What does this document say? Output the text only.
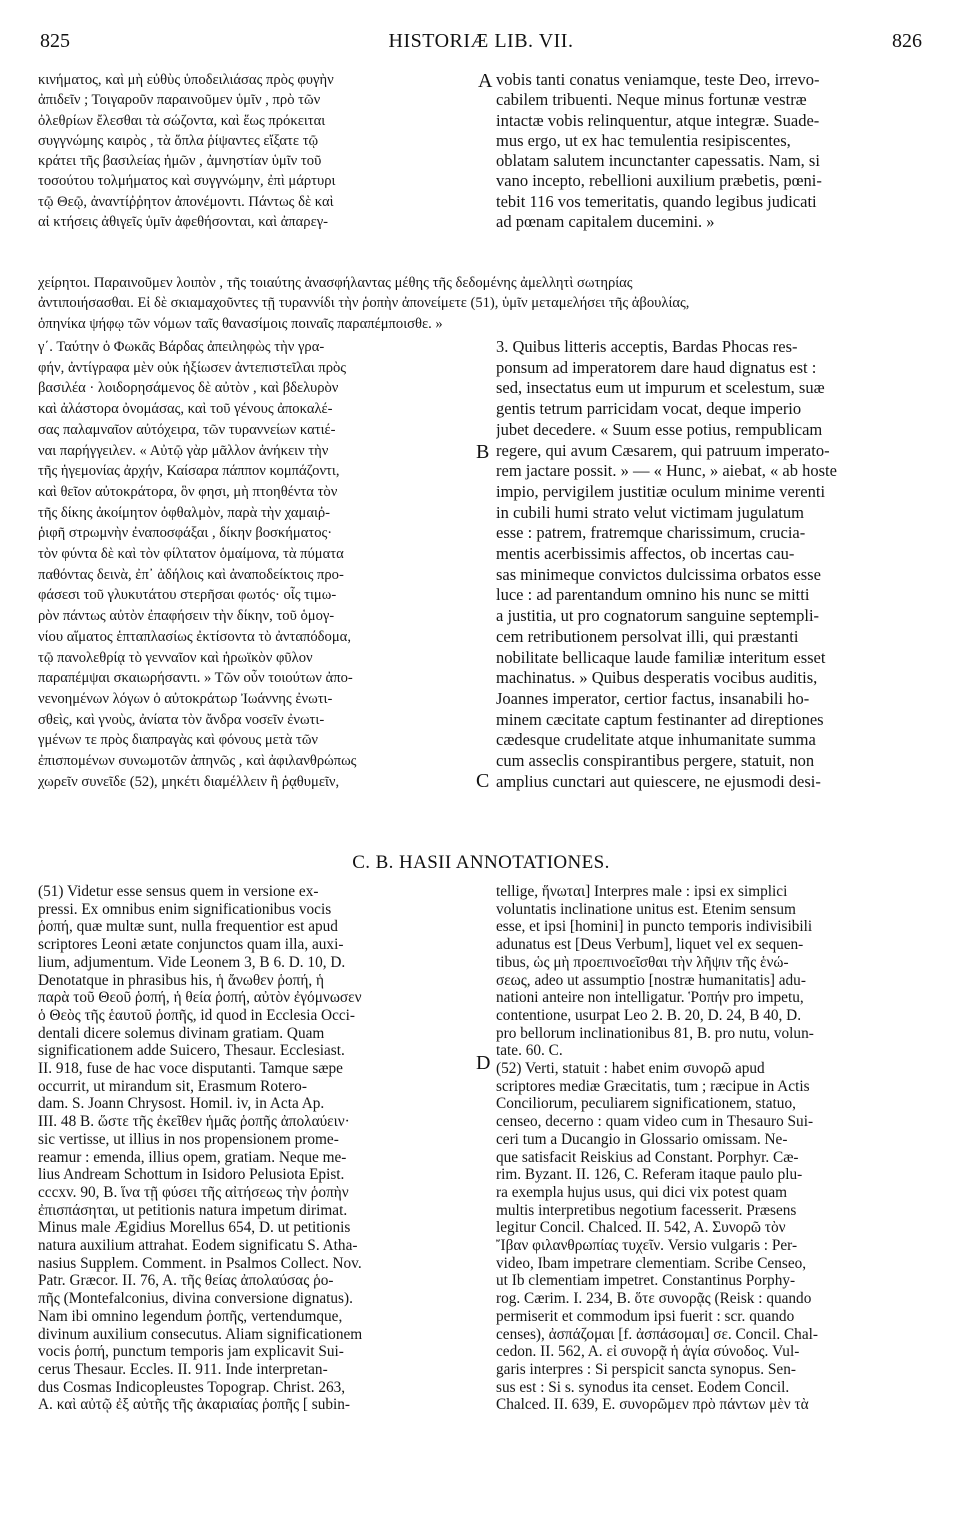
825	HISTORIÆ LIB. VII.	826
κινήματος, καὶ μὴ εὐθὺς ὑποδειλιάσας πρὸς φυγὴν
ἀπιδεῖν ; Τοιγαροῦν παραινοῦμεν ὑμῖν , πρὸ τῶν
ὀλεθρίων ἔλεσθαι τὰ σώζοντα, καὶ ἕως πρόκειται
συγγνώμης καιρὸς , τὰ ὅπλα ῥίψαντες εἴξατε τῷ
κράτει τῆς βασιλείας ἡμῶν , ἀμνηστίαν ὑμῖν τοῦ
τοσούτου τολμήματος καὶ συγγνώμην, ἐπὶ μάρτυρι
τῷ Θεῷ, ἀναντίῤῥητον ἀπονέμοντι. Πάντως δὲ καὶ
αἱ κτήσεις ἀθιγεῖς ὑμῖν ἀφεθήσονται, καὶ ἀπαρεγ-
vobis tanti conatus veniamque, teste Deo, irrevo-
cabilem tribuenti. Neque minus fortunæ vestræ
intactæ vobis relinquentur, atque integræ. Suade-
mus ergo, ut ex hac temulentia resipiscentes,
oblatam salutem incunctanter capessatis. Nam, si
vano incepto, rebellioni auxilium præbetis, pœni-
tebit 116 vos temeritatis, quando legibus judicati
ad pœnam capitalem ducemini. »
χείρητοι. Παραινοῦμεν λοιπὸν , τῆς τοιαύτης ἀνασφήλαντας μέθης τῆς δεδομένης ἀμελλητὶ σωτηρίας
ἀντιποιήσασθαι. Εἰ δὲ σκιαμαχοῦντες τῇ τυραννίδι τὴν ῥοπὴν ἀπονείμετε (51), ὑμῖν μεταμελήσει τῆς ἀβουλίας,
ὁπηνίκα ψήφῳ τῶν νόμων ταῖς θανασίμοις ποιναῖς παραπέμποισθε. »
γ΄. Ταύτην ὁ Φωκᾶς Βάρδας ἀπειληφὼς τὴν γρα-
φήν, ἀντίγραφα μὲν οὐκ ἠξίωσεν ἀντεπιστεῖλαι πρὸς
βασιλέα · λοιδορησάμενος δὲ αὐτὸν , καὶ βδελυρὸν
καὶ ἀλάστορα ὀνομάσας, καὶ τοῦ γένους ἀποκαλέ-
σας παλαμναῖον αὐτόχειρα, τῶν τυραννείων κατιέ-
ναι παρήγγειλεν. « Αὐτῷ γὰρ μᾶλλον ἀνήκειν τὴν
τῆς ἡγεμονίας ἀρχήν, Καίσαρα πάππον κομπάζοντι,
καὶ θεῖον αὐτοκράτορα, ὃν φησι, μὴ πτοηθέντα τὸν
τῆς δίκης ἀκοίμητον ὀφθαλμὸν, παρὰ τὴν χαμαιῤ-
ῥιφῆ στρωμνὴν ἐναποσφάξαι , δίκην βοσκήματος·
τὸν φύντα δὲ καὶ τὸν φίλτατον ὁμαίμονα, τὰ πύματα
παθόντας δεινὰ, ἐπ᾽ ἀδήλοις καὶ ἀναποδείκτοις προ-
φάσεσι τοῦ γλυκυτάτου στερῆσαι φωτός· οἷς τιμω-
ρὸν πάντως αὐτὸν ἐπαφήσειν τὴν δίκην, τοῦ ὁμογ-
νίου αἵματος ἑπταπλασίως ἐκτίσοντα τὸ ἀνταπόδομα,
τῷ πανολεθρίᾳ τὸ γενναῖον καὶ ἡρωϊκὸν φῦλον
παραπέμψαι σκαιωρήσαντι. » Τῶν οὖν τοιούτων ἀπο-
νενοημένων λόγων ὁ αὐτοκράτωρ Ἰωάννης ἐνωτι-
σθεὶς, καὶ γνοὺς, ἀνίατα τὸν ἄνδρα νοσεῖν ἐνωτι-
γμένων τε πρὸς διαπραγὰς καὶ φόνους μετὰ τῶν
ἐπισπομένων συνωμοτῶν ἀπηνῶς , καὶ ἀφιλανθρώπως
χωρεῖν συνεῖδε (52), μηκέτι διαμέλλειν ἢ ῥᾳθυμεῖν,
3. Quibus litteris acceptis, Bardas Phocas res-
ponsum ad imperatorem dare haud dignatus est :
sed, insectatus eum ut impurum et scelestum, suæ
gentis tetrum parricidam vocat, deque imperio
jubet decedere. « Suum esse potius, rempublicam
regere, qui avum Cæsarem, qui patruum imperato-
rem jactare possit. » — « Hunc, » aiebat, « ab hoste
impio, pervigilem justitiæ oculum minime verenti
in cubili humi strato velut victimam jugulatum
esse : patrem, fratremque charissimum, crucia-
mentis acerbissimis affectos, ob incertas cau-
sas minimeque convictos dulcissima orbatos esse
luce : ad parentandum omnino his nunc se mitti
a justitia, ut pro cognatorum sanguine septempli-
cem retributionem persolvat illi, qui præstanti
nobilitate bellicaque laude familiæ interitum esset
machinatus. » Quibus desperatis vocibus auditis,
Joannes imperator, certior factus, insanabili ho-
minem cæcitate captum festinanter ad direptiones
cædesque crudelitate atque inhumanitate summa
cum asseclis conspirantibus pergere, statuit, non
amplius cunctari aut quiescere, ne ejusmodi desi-
A
B
C
D
C. B. HASII ANNOTATIONES.
(51) Videtur esse sensus quem in versione ex-
pressi. Ex omnibus enim significationibus vocis
ῥοπή, quæ multæ sunt, nulla frequentior est apud
scriptores Leoni ætate conjunctos quam illa, auxi-
lium, adjumentum. Vide Leonem 3, B 6. D. 10, D.
Denotatque in phrasibus his, ἡ ἄνωθεν ῥοπή, ἡ
παρὰ τοῦ Θεοῦ ῥοπή, ἡ θεία ῥοπή, αὐτὸν ἐγόμνωσεν
ὁ Θεὸς τῆς ἑαυτοῦ ῥοπῆς, id quod in Ecclesia Occi-
dentali dicere solemus divinam gratiam. Quam
significationem adde Suicero, Thesaur. Ecclesiast.
II. 918, fuse de hac voce disputanti. Tamque sæpe
occurrit, ut mirandum sit, Erasmum Rotero-
dam. S. Joann Chrysost. Homil. iv, in Acta Ap.
III. 48 B. ὥστε τῆς ἐκεῖθεν ἡμᾶς ῥοπῆς ἀπολαύειν·
sic vertisse, ut illius in nos propensionem prome-
reamur : emenda, illius opem, gratiam. Neque me-
lius Andream Schottum in Isidoro Pelusiota Epist.
cccxv. 90, B. ἵνα τῇ φύσει τῆς αἰτήσεως τὴν ῥοπὴν
ἐπισπάσηται, ut petitionis natura impetum dirimat.
Minus male Ægidius Morellus 654, D. ut petitionis
natura auxilium attrahat. Eodem significatu S. Atha-
nasius Supplem. Comment. in Psalmos Collect. Nov.
Patr. Græcor. II. 76, A. τῆς θείας ἀπολαύσας ῥο-
πῆς (Montefalconius, divina conversione dignatus).
Nam ibi omnino legendum ῥοπῆς, vertendumque,
divinum auxilium consecutus. Aliam significationem
vocis ῥοπή, punctum temporis jam explicavit Sui-
cerus Thesaur. Eccles. II. 911. Inde interpretan-
dus Cosmas Indicopleustes Topograp. Christ. 263,
A. καὶ αὐτῷ ἐξ αὐτῆς τῆς ἀκαριαίας ῥοπῆς [ subin-
tellige, ἥνωται] Interpres male : ipsi ex simplici
voluntatis inclinatione unitus est. Etenim sensum
esse, et ipsi [homini] in puncto temporis indivisibili
adunatus est [Deus Verbum], liquet vel ex sequen-
tibus, ὡς μὴ προεπινοεῖσθαι τὴν λῆψιν τῆς ἑνώ-
σεως, adeo ut assumptio [nostræ humanitatis] adu-
nationi anteire non intelligatur. Ῥοπήν pro impetu,
contentione, usurpat Leo 2. B. 20, D. 24, B 40, D.
pro bellorum inclinationibus 81, B. pro nutu, volun-
tate. 60. C.
(52) Verti, statuit : habet enim συνορῶ apud
scriptores mediæ Græcitatis, tum ; ræcipue in Actis
Conciliorum, peculiarem significationem, statuo,
censeo, decerno : quam video cum in Thesauro Sui-
ceri tum a Ducangio in Glossario omissam. Ne-
que satisfacit Reiskius ad Constant. Porphyr. Cæ-
rim. Byzant. II. 126, C. Referam itaque paulo plu-
ra exempla hujus usus, qui dici vix potest quam
multis interpretibus negotium facesserit. Præsens
legitur Concil. Chalced. II. 542, A. Συνορῶ τὸν
Ἴβαν φιλανθρωπίας τυχεῖν. Versio vulgaris : Per-
video, Ibam impetrare clementiam. Scribe Censeo,
ut Ib clementiam impetret. Constantinus Porphy-
rog. Cærim. I. 234, B. ὅτε συνορᾷς (Reisk : quando
permiserit et commodum ipsi fuerit : scr. quando
censes), ἀσπάζομαι [f. ἀσπάσομαι] σε. Concil. Chal-
cedon. II. 562, A. εἰ συνορᾷ ἡ ἁγία σύνοδος. Vul-
garis interpres : Si perspicit sancta synopus. Sen-
sus est : Si s. synodus ita censet. Eodem Concil.
Chalced. II. 639, E. συνορῶμεν πρὸ πάντων μὲν τὰ
